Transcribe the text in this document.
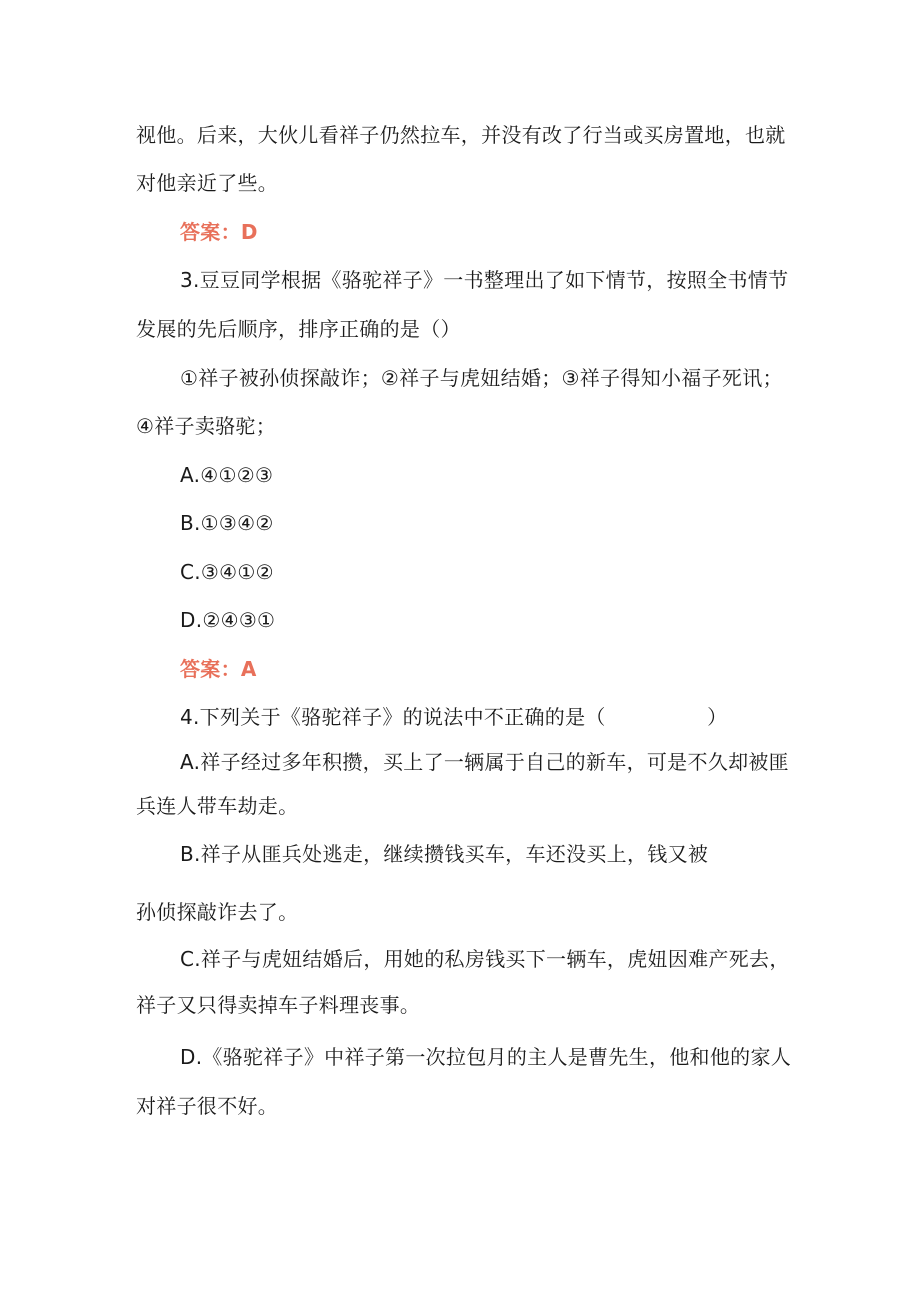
视他。后来，大伙儿看祥子仍然拉车，并没有改了行当或买房置地，也就
对他亲近了些。
答案：D
3.豆豆同学根据《骆驼祥子》一书整理出了如下情节，按照全书情节
发展的先后顺序，排序正确的是（）
①祥子被孙侦探敲诈；②祥子与虎妞结婚；③祥子得知小福子死讯；
④祥子卖骆驼；
A.④①②③
B.①③④②
C.③④①②
D.②④③①
答案：A
4.下列关于《骆驼祥子》的说法中不正确的是（　　　　　）
A.祥子经过多年积攒，买上了一辆属于自己的新车，可是不久却被匪
兵连人带车劫走。
B.祥子从匪兵处逃走，继续攒钱买车，车还没买上，钱又被
孙侦探敲诈去了。
C.祥子与虎妞结婚后，用她的私房钱买下一辆车，虎妞因难产死去，
祥子又只得卖掉车子料理丧事。
D.《骆驼祥子》中祥子第一次拉包月的主人是曹先生，他和他的家人
对祥子很不好。
